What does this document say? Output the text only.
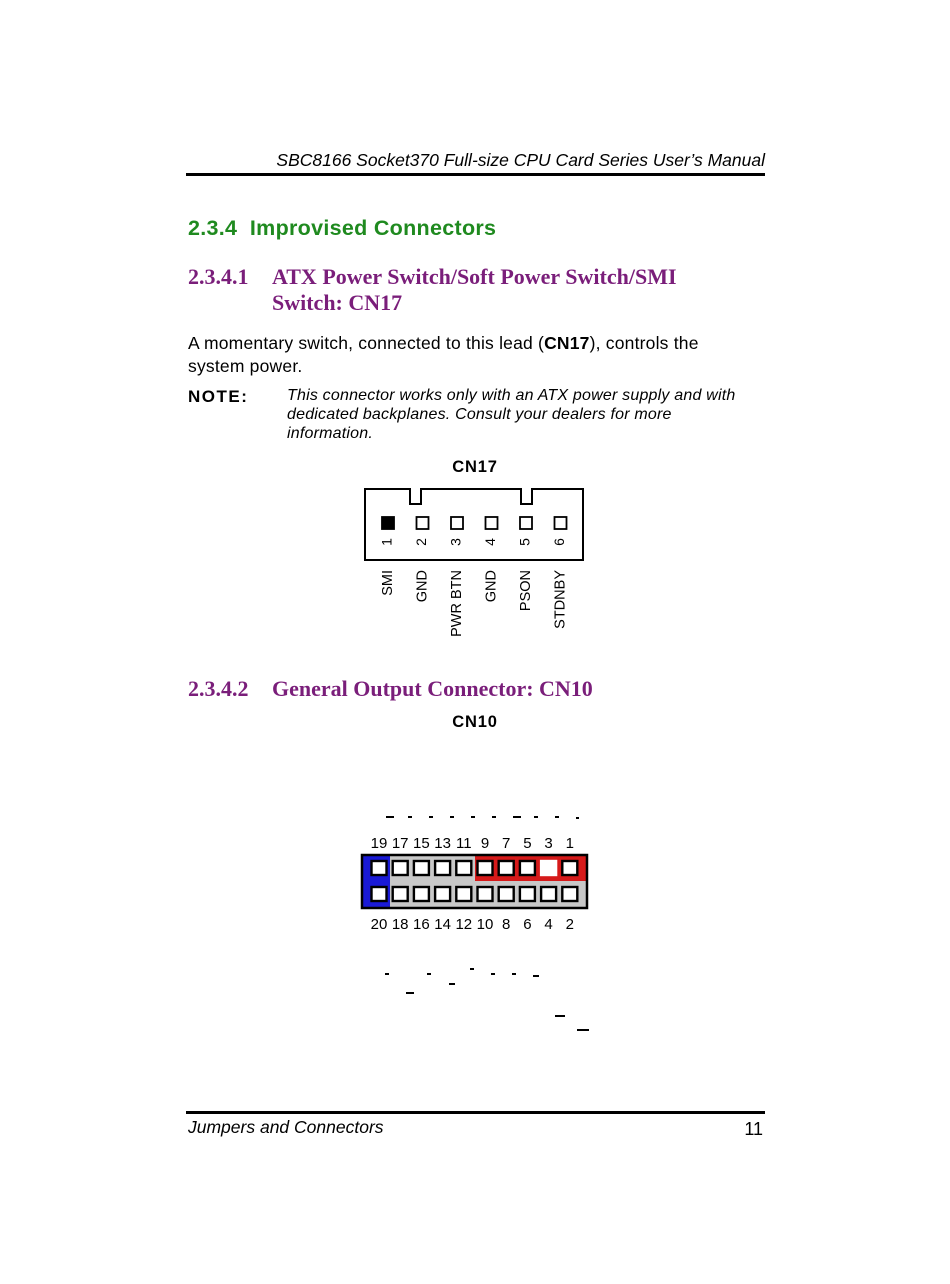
SBC8166 Socket370 Full-size CPU Card Series User’s Manual
2.3.4 Improvised Connectors
2.3.4.1 ATX Power Switch/Soft Power Switch/SMI Switch: CN17
A momentary switch, connected to this lead (CN17), controls the system power.
NOTE: This connector works only with an ATX power supply and with dedicated backplanes. Consult your dealers for more information.
CN17
1
SMI
2
GND
3
PWR BTN
4
GND
5
PSON
6
STDNBY
2.3.4.2 General Output Connector: CN10
CN10
19 17 15 13 11 9 7 5 3 1
20 18 16 14 12 10 8 6 4 2
Jumpers and Connectors	11
